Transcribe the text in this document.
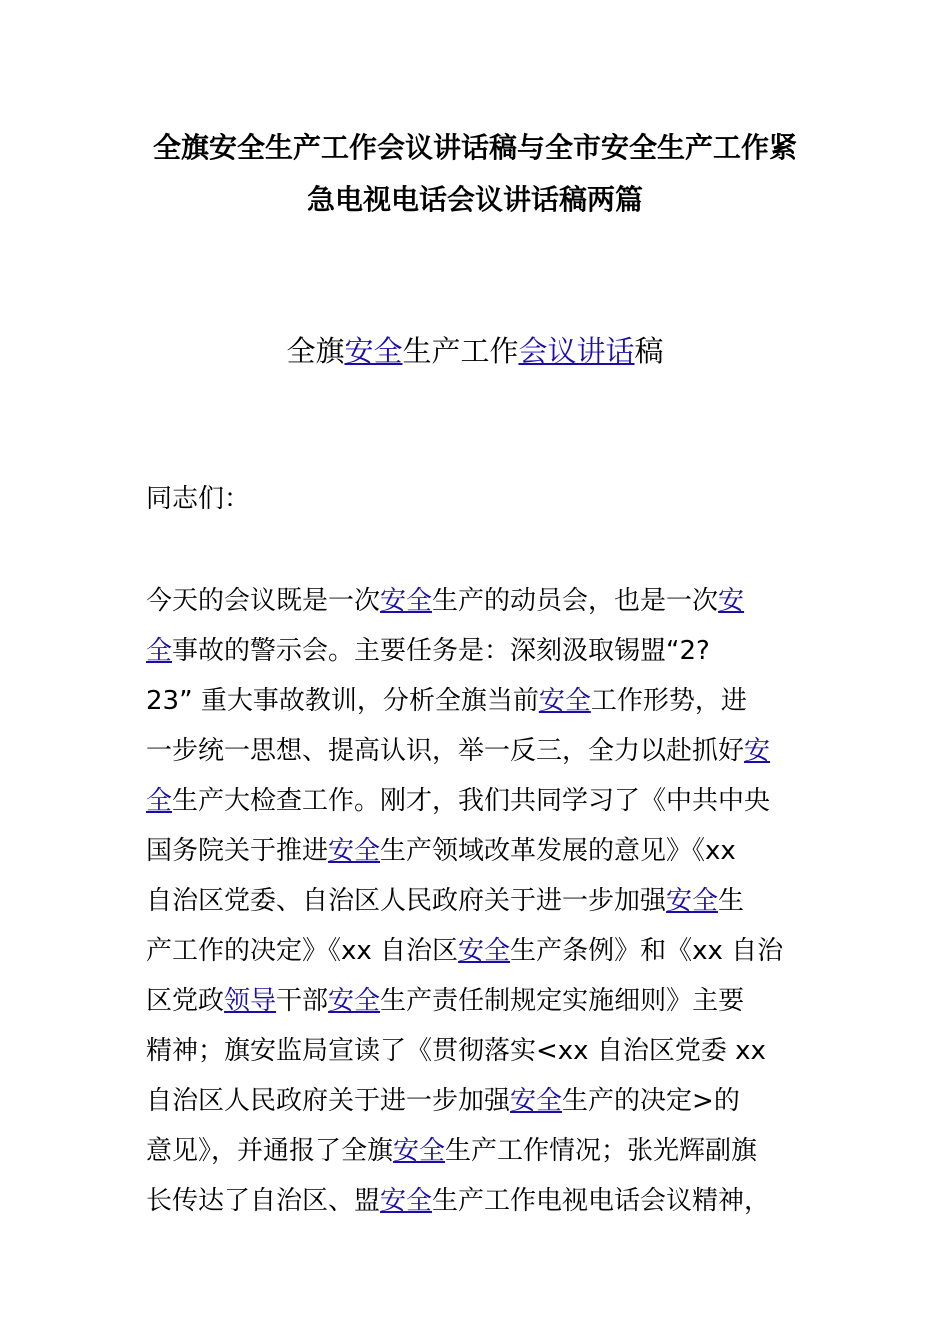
全旗安全生产工作会议讲话稿与全市安全生产工作紧
急电视电话会议讲话稿两篇
全旗安全生产工作会议讲话稿
同志们：
今天的会议既是一次安全生产的动员会，也是一次安
全事故的警示会。主要任务是：深刻汲取锡盟“2?
23” 重大事故教训，分析全旗当前安全工作形势，进
一步统一思想、提高认识，举一反三，全力以赴抓好安
全生产大检查工作。刚才，我们共同学习了《中共中央
国务院关于推进安全生产领域改革发展的意见》《xx
自治区党委、自治区人民政府关于进一步加强安全生
产工作的决定》《xx 自治区安全生产条例》和《xx 自治
区党政领导干部安全生产责任制规定实施细则》主要
精神；旗安监局宣读了《贯彻落实<xx 自治区党委 xx
自治区人民政府关于进一步加强安全生产的决定>的
意见》，并通报了全旗安全生产工作情况；张光辉副旗
长传达了自治区、盟安全生产工作电视电话会议精神，
